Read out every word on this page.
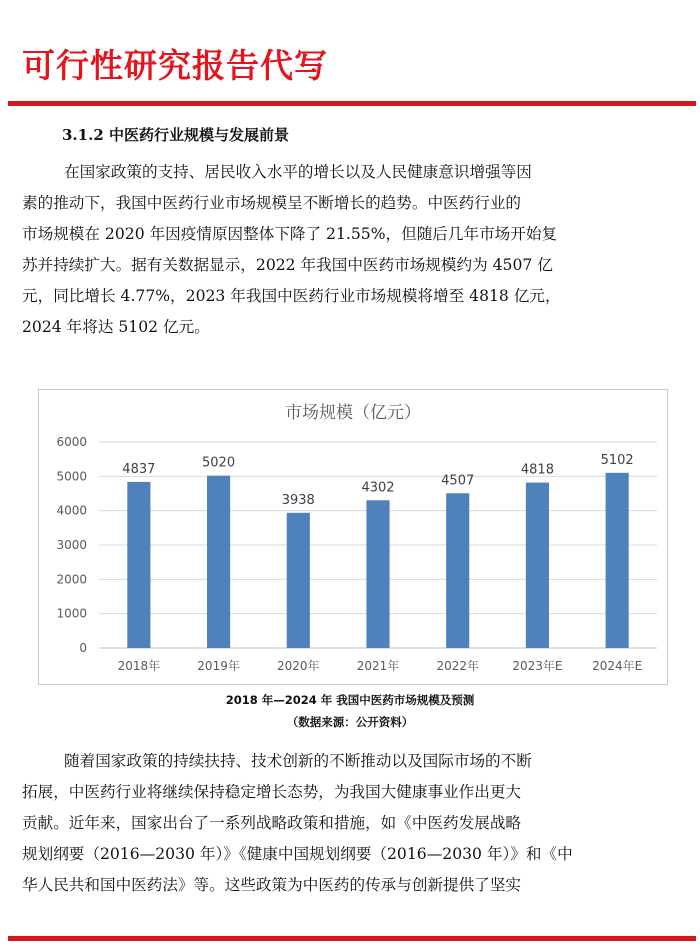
可行性研究报告代写
3.1.2 中医药行业规模与发展前景
在国家政策的支持、居民收入水平的增长以及人民健康意识增强等因
素的推动下，我国中医药行业市场规模呈不断增长的趋势。中医药行业的
市场规模在 2020 年因疫情原因整体下降了 21.55%，但随后几年市场开始复
苏并持续扩大。据有关数据显示，2022 年我国中医药市场规模约为 4507 亿
元，同比增长 4.77%，2023 年我国中医药行业市场规模将增至 4818 亿元，
2024 年将达 5102 亿元。
市场规模（亿元）
0
1000
2000
3000
4000
5000
6000
4837	5020
3938
4302	4507
4818
5102
2018年	2019年	2020年	2021年	2022年	2023年E 2024年E
2018 年—2024 年 我国中医药市场规模及预测
（数据来源：公开资料）
随着国家政策的持续扶持、技术创新的不断推动以及国际市场的不断
拓展，中医药行业将继续保持稳定增长态势，为我国大健康事业作出更大
贡献。近年来，国家出台了一系列战略政策和措施，如《中医药发展战略
规划纲要（2016—2030 年）》《健康中国规划纲要（2016—2030 年）》和《中
华人民共和国中医药法》等。这些政策为中医药的传承与创新提供了坚实
